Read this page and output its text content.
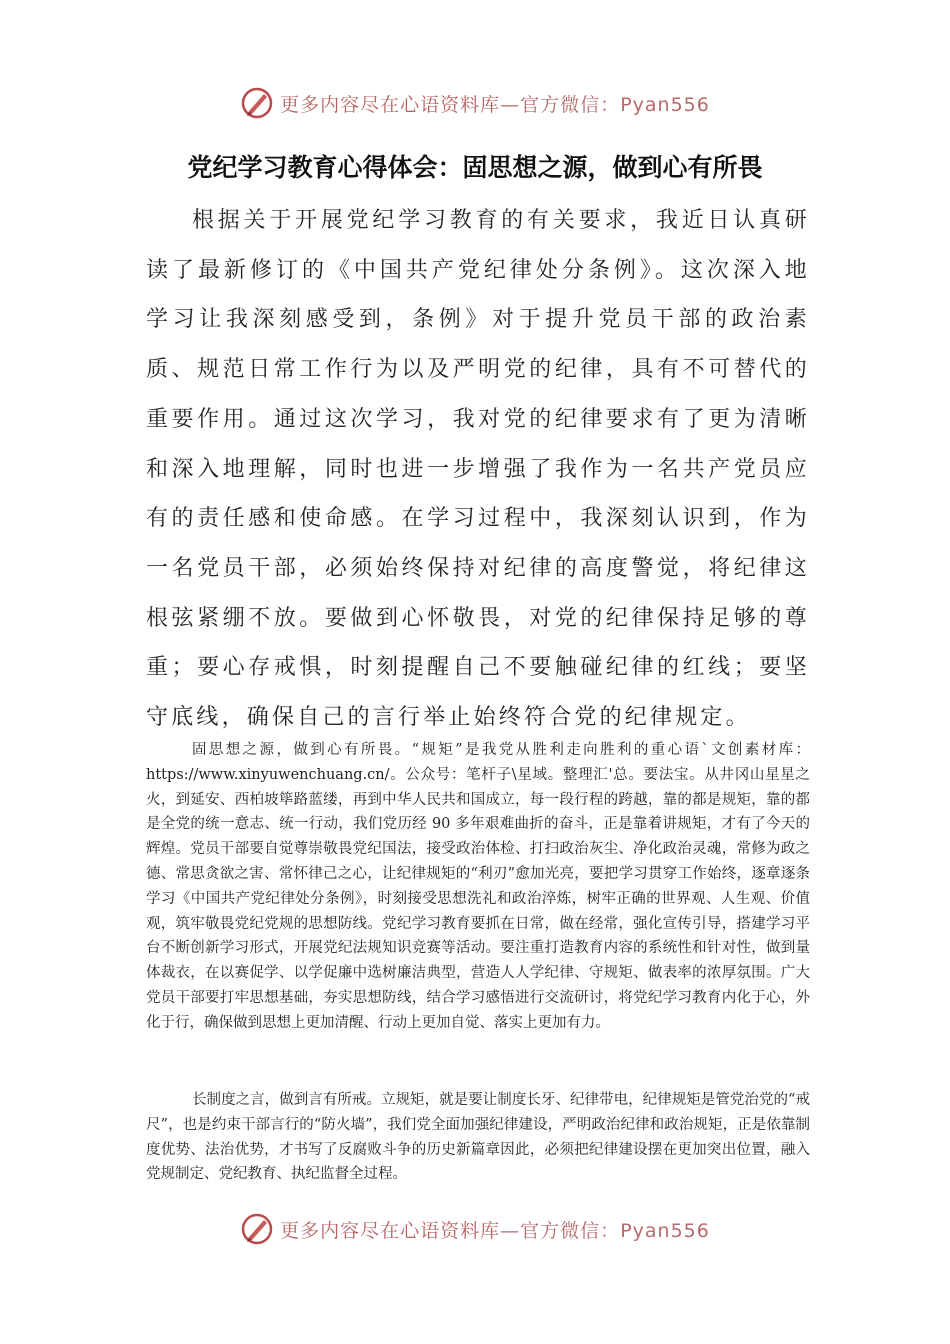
更多内容尽在心语资料库—官方微信：Pyan556
党纪学习教育心得体会：固思想之源，做到心有所畏

根据关于开展党纪学习教育的有关要求，我近日认真研读了最新修订的《中国共产党纪律处分条例》。这次深入地学习让我深刻感受到，条例》对于提升党员干部的政治素质、规范日常工作行为以及严明党的纪律，具有不可替代的重要作用。通过这次学习，我对党的纪律要求有了更为清晰和深入地理解，同时也进一步增强了我作为一名共产党员应有的责任感和使命感。在学习过程中，我深刻认识到，作为一名党员干部，必须始终保持对纪律的高度警觉，将纪律这根弦紧绷不放。要做到心怀敬畏，对党的纪律保持足够的尊重；要心存戒惧，时刻提醒自己不要触碰纪律的红线；要坚守底线，确保自己的言行举止始终符合党的纪律规定。

固思想之源，做到心有所畏。“规矩”是我党从胜利走向胜利的重心语`文创素材库：https://www.xinyuwenchuang.cn/。公众号：笔杆子\星域。整理汇'总。要法宝。从井冈山星星之火，到延安、西柏坡筚路蓝缕，再到中华人民共和国成立，每一段行程的跨越，靠的都是规矩，靠的都是全党的统一意志、统一行动，我们党历经 90 多年艰难曲折的奋斗，正是靠着讲规矩，才有了今天的辉煌。党员干部要自觉尊崇敬畏党纪国法，接受政治体检、打扫政治灰尘、净化政治灵魂，常修为政之德、常思贪欲之害、常怀律己之心，让纪律规矩的“利刃”愈加光亮，要把学习贯穿工作始终，逐章逐条学习《中国共产党纪律处分条例》，时刻接受思想洗礼和政治淬炼，树牢正确的世界观、人生观、价值观，筑牢敬畏党纪党规的思想防线。党纪学习教育要抓在日常，做在经常，强化宣传引导，搭建学习平台不断创新学习形式，开展党纪法规知识竞赛等活动。要注重打造教育内容的系统性和针对性，做到量体裁衣，在以赛促学、以学促廉中选树廉洁典型，营造人人学纪律、守规矩、做表率的浓厚氛围。广大党员干部要打牢思想基础，夯实思想防线，结合学习感悟进行交流研讨，将党纪学习教育内化于心，外化于行，确保做到思想上更加清醒、行动上更加自觉、落实上更加有力。

长制度之言，做到言有所戒。立规矩，就是要让制度长牙、纪律带电，纪律规矩是管党治党的“戒尺”，也是约束干部言行的“防火墙”，我们党全面加强纪律建设，严明政治纪律和政治规矩，正是依靠制度优势、法治优势，才书写了反腐败斗争的历史新篇章因此，必须把纪律建设摆在更加突出位置，融入党规制定、党纪教育、执纪监督全过程。

更多内容尽在心语资料库—官方微信：Pyan556
